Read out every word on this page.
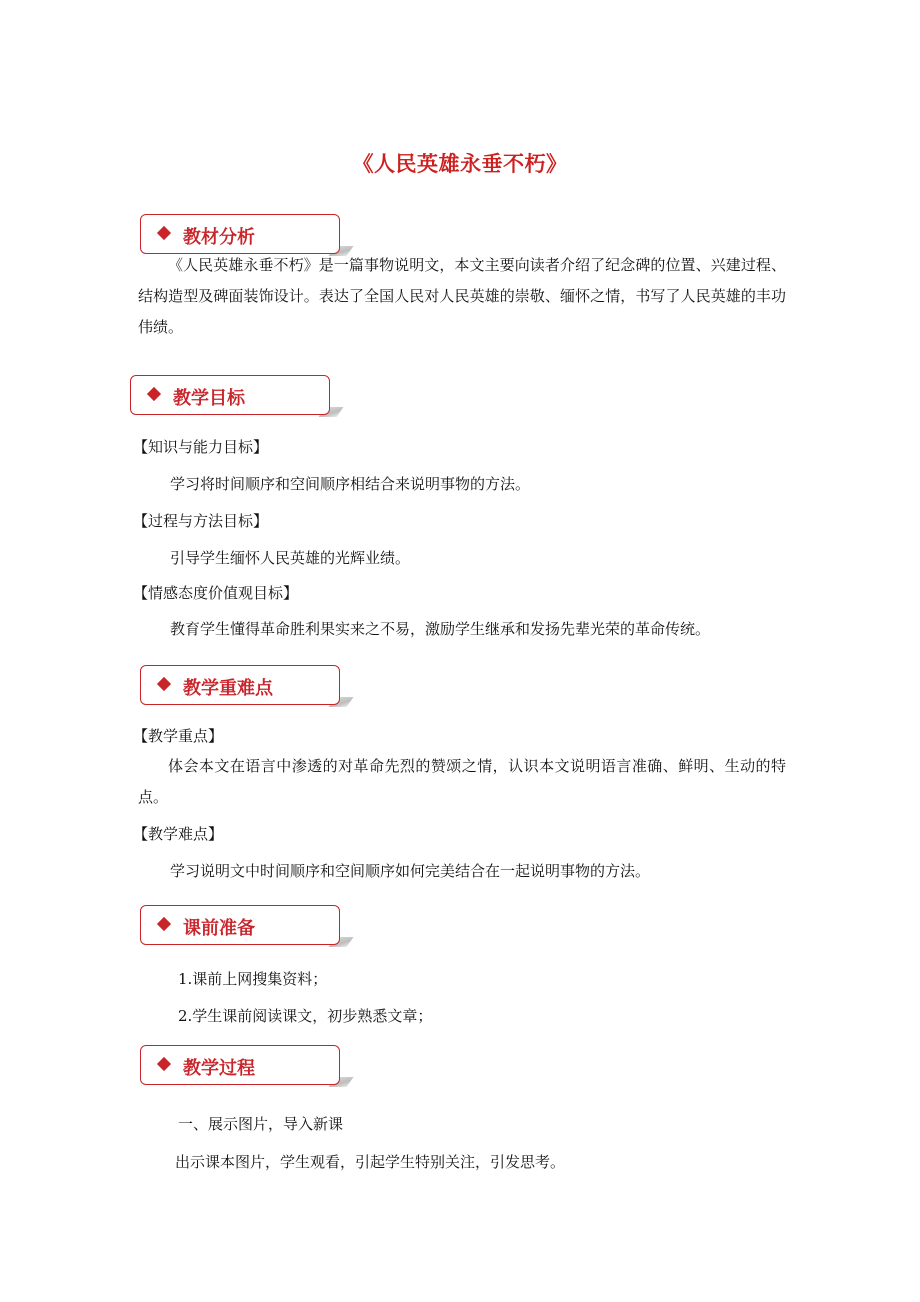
《人民英雄永垂不朽》
教材分析
《人民英雄永垂不朽》是一篇事物说明文，本文主要向读者介绍了纪念碑的位置、兴建过程、结构造型及碑面装饰设计。表达了全国人民对人民英雄的崇敬、缅怀之情，书写了人民英雄的丰功伟绩。
教学目标
【知识与能力目标】
学习将时间顺序和空间顺序相结合来说明事物的方法。
【过程与方法目标】
引导学生缅怀人民英雄的光辉业绩。
【情感态度价值观目标】
教育学生懂得革命胜利果实来之不易，激励学生继承和发扬先辈光荣的革命传统。
教学重难点
【教学重点】
体会本文在语言中渗透的对革命先烈的赞颂之情，认识本文说明语言准确、鲜明、生动的特点。
【教学难点】
学习说明文中时间顺序和空间顺序如何完美结合在一起说明事物的方法。
课前准备
1.课前上网搜集资料；
2.学生课前阅读课文，初步熟悉文章；
教学过程
一、展示图片，导入新课
出示课本图片，学生观看，引起学生特别关注，引发思考。
